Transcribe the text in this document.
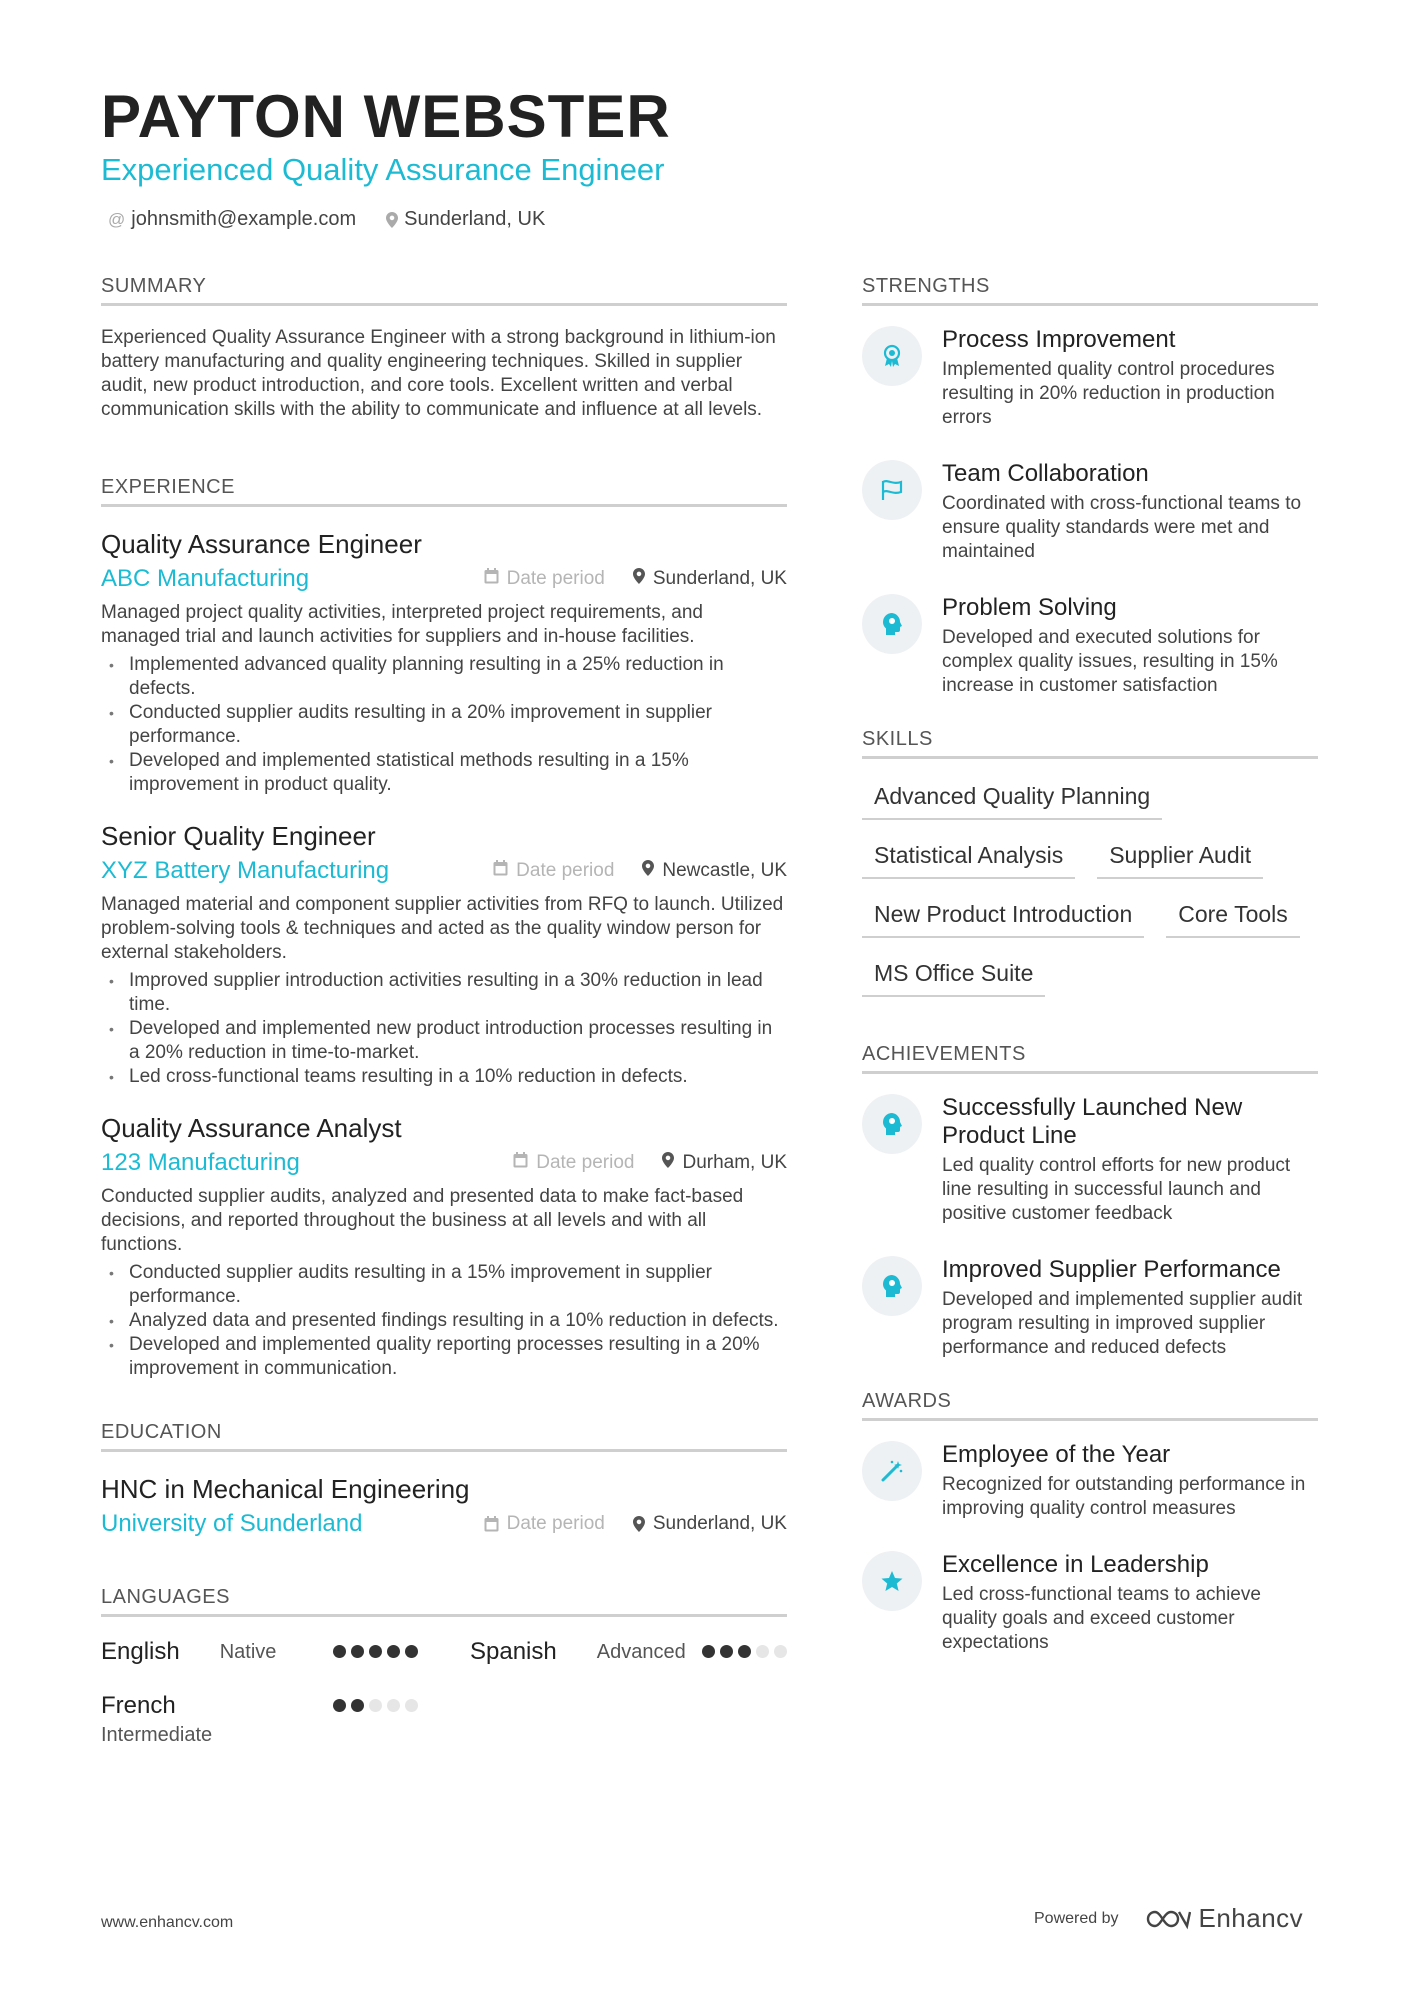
PAYTON WEBSTER
Experienced Quality Assurance Engineer
@ johnsmith@example.com Sunderland, UK
SUMMARY
Experienced Quality Assurance Engineer with a strong background in lithium-ion battery manufacturing and quality engineering techniques. Skilled in supplier audit, new product introduction, and core tools. Excellent written and verbal communication skills with the ability to communicate and influence at all levels.
EXPERIENCE
Quality Assurance Engineer
ABC Manufacturing	Date period	Sunderland, UK
Managed project quality activities, interpreted project requirements, and managed trial and launch activities for suppliers and in-house facilities.
• Implemented advanced quality planning resulting in a 25% reduction in defects.
• Conducted supplier audits resulting in a 20% improvement in supplier performance.
• Developed and implemented statistical methods resulting in a 15% improvement in product quality.
Senior Quality Engineer
XYZ Battery Manufacturing	Date period	Newcastle, UK
Managed material and component supplier activities from RFQ to launch. Utilized problem-solving tools & techniques and acted as the quality window person for external stakeholders.
• Improved supplier introduction activities resulting in a 30% reduction in lead time.
• Developed and implemented new product introduction processes resulting in a 20% reduction in time-to-market.
• Led cross-functional teams resulting in a 10% reduction in defects.
Quality Assurance Analyst
123 Manufacturing	Date period	Durham, UK
Conducted supplier audits, analyzed and presented data to make fact-based decisions, and reported throughout the business at all levels and with all functions.
• Conducted supplier audits resulting in a 15% improvement in supplier performance.
• Analyzed data and presented findings resulting in a 10% reduction in defects.
• Developed and implemented quality reporting processes resulting in a 20% improvement in communication.
EDUCATION
HNC in Mechanical Engineering
University of Sunderland	Date period	Sunderland, UK
LANGUAGES
English Native	Spanish Advanced
French
Intermediate
STRENGTHS
Process Improvement
Implemented quality control procedures resulting in 20% reduction in production errors
Team Collaboration
Coordinated with cross-functional teams to ensure quality standards were met and maintained
Problem Solving
Developed and executed solutions for complex quality issues, resulting in 15% increase in customer satisfaction
SKILLS
Advanced Quality Planning
Statistical Analysis	Supplier Audit
New Product Introduction	Core Tools
MS Office Suite
ACHIEVEMENTS
Successfully Launched New Product Line
Led quality control efforts for new product line resulting in successful launch and positive customer feedback
Improved Supplier Performance
Developed and implemented supplier audit program resulting in improved supplier performance and reduced defects
AWARDS
Employee of the Year
Recognized for outstanding performance in improving quality control measures
Excellence in Leadership
Led cross-functional teams to achieve quality goals and exceed customer expectations
www.enhancv.com	Powered by	Enhancv
